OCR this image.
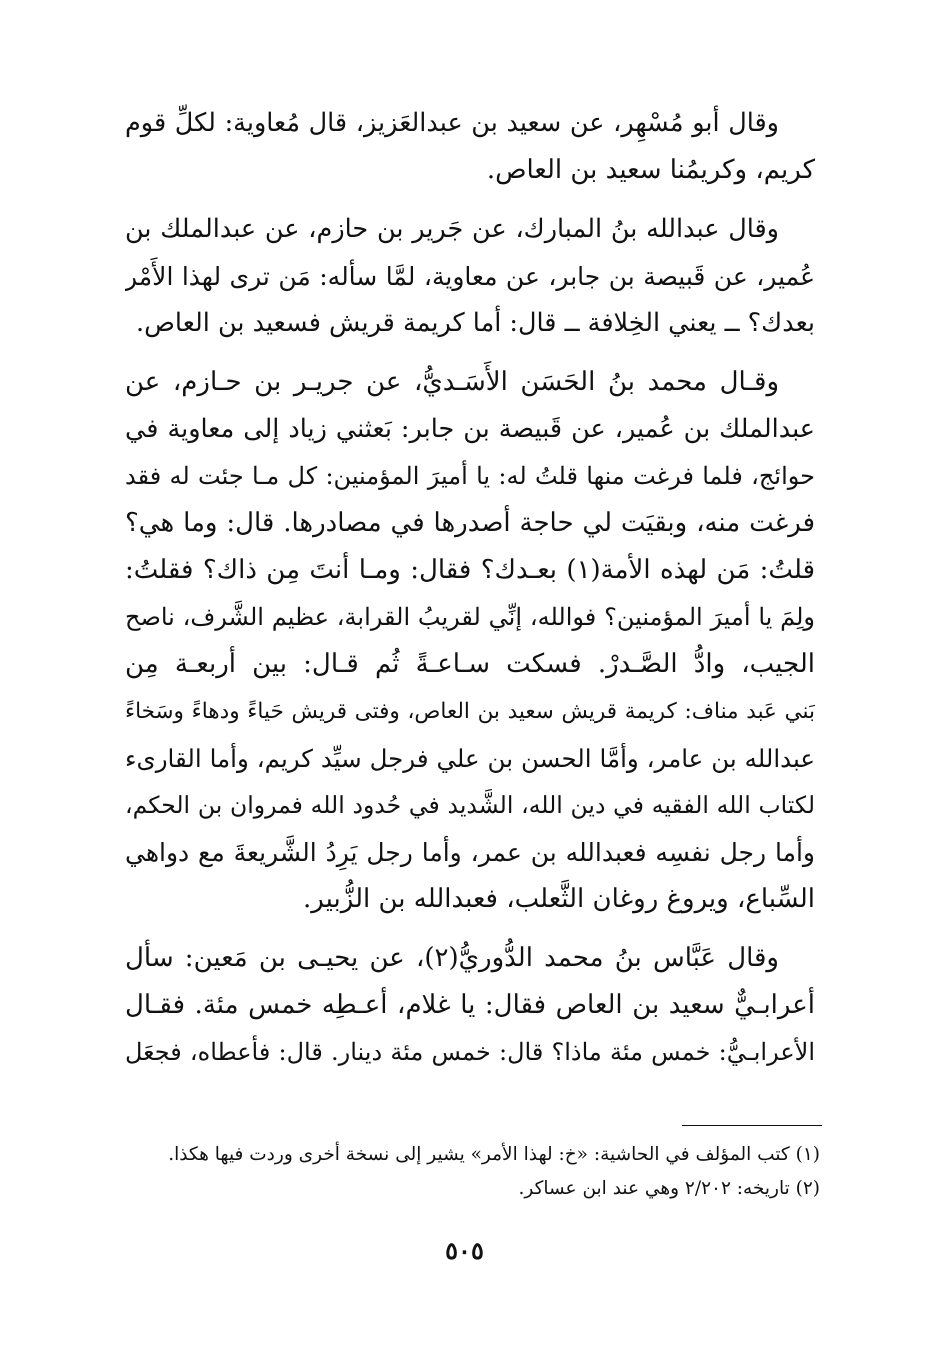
وقال أبو مُسْهِر، عن سعيد بن عبدالعَزيز، قال مُعاوية: لكلِّ قوم
كريم، وكريمُنا سعيد بن العاص.
وقال عبدالله بنُ المبارك، عن جَرير بن حازم، عن عبدالملك بن
عُمير، عن قَبيصة بن جابر، عن معاوية، لمَّا سأله: مَن ترى لهذا الأَمْر
بعدك؟ ــ يعني الخِلافة ــ قال: أما كريمة قريش فسعيد بن العاص.
وقـال محمد بنُ الحَسَن الأَسَـديُّ، عن جريـر بن حـازم، عن
عبدالملك بن عُمير، عن قَبيصة بن جابر: بَعثني زياد إلى معاوية في
حوائج، فلما فرغت منها قلتُ له: يا أميرَ المؤمنين: كل مـا جئت له فقد
فرغت منه، وبقيَت لي حاجة أصدرها في مصادرها. قال: وما هي؟
قلتُ: مَن لهذه الأمة(١) بعـدك؟ فقال: ومـا أنتَ مِن ذاك؟ فقلتُ:
ولِمَ يا أميرَ المؤمنين؟ فوالله، إنِّي لقريبُ القرابة، عظيم الشَّرف، ناصح
الجيب، وادُّ الصَّـدرْ. فسكت سـاعـةً ثُم قـال: بين أربعـة مِن
بَني عَبد مناف: كريمة قريش سعيد بن العاص، وفتى قريش حَياءً ودهاءً وسَخاءً
عبدالله بن عامر، وأمَّا الحسن بن علي فرجل سيِّد كريم، وأما القارىء
لكتاب الله الفقيه في دين الله، الشَّديد في حُدود الله فمروان بن الحكم،
وأما رجل نفسِه فعبدالله بن عمر، وأما رجل يَرِدُ الشَّريعةَ مع دواهي
السِّباع، ويروغ روغان الثَّعلب، فعبدالله بن الزُّبير.
وقال عَبَّاس بنُ محمد الدُّوريُّ(٢)، عن يحيـى بن مَعين: سأل
أعرابـيٌّ سعيد بن العاص فقال: يا غلام، أعـطِه خمس مئة. فقـال
الأعرابـيُّ: خمس مئة ماذا؟ قال: خمس مئة دينار. قال: فأعطاه، فجعَل
(١) كتب المؤلف في الحاشية: «خ: لهذا الأمر» يشير إلى نسخة أخرى وردت فيها هكذا.
(٢) تاريخه: ٢/٢٠٢ وهي عند ابن عساكر.
٥٠٥
